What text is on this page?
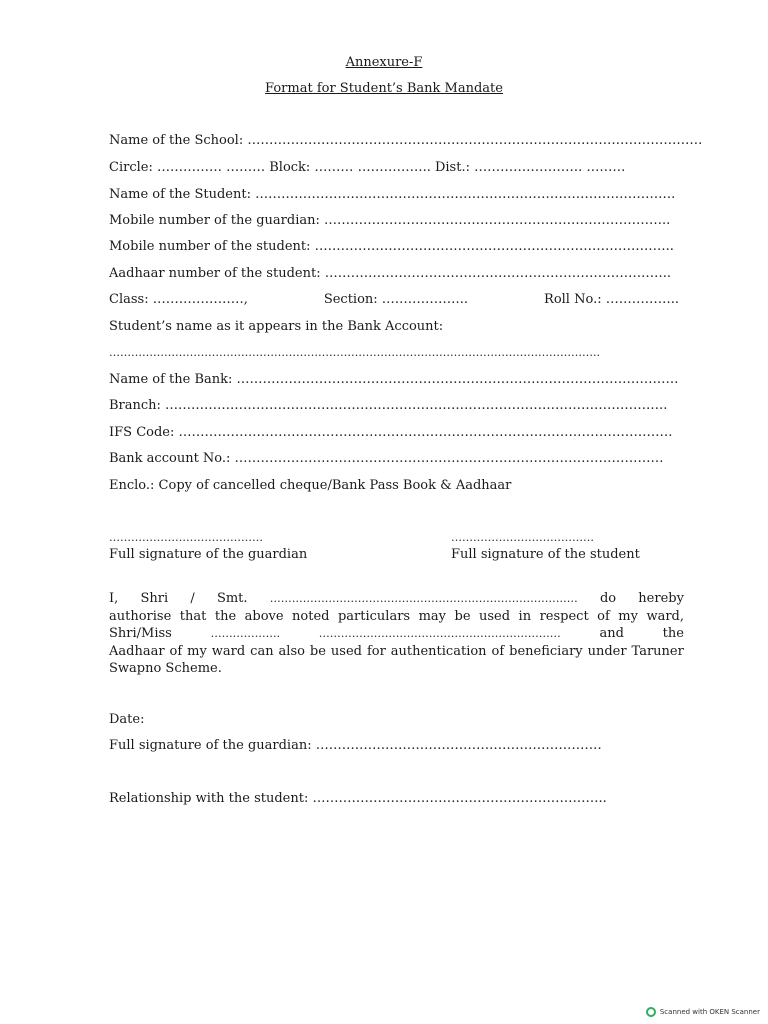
Annexure-F
Format for Student’s Bank Mandate
Name of the School: ……………………………………………………………………………………………
Circle: …………… ……… Block: ……… …………….. Dist.: ……………………. ………
Name of the Student: …………………………………………………………………………………….
Mobile number of the guardian: ……………………………………………………………………..
Mobile number of the student: ………………………………………………………………………..
Aadhaar number of the student: ……………………………………………………………………..
Class: …………………,	Section: ………………..	Roll No.: ……………..
Student’s name as it appears in the Bank Account:
……………………………………………………………………………………………………………………..
Name of the Bank: …………………………………………………………………………………………
Branch: ……………………………………………………………………………………………………..
IFS Code: ……………………………………………………………………………………………………
Bank account No.: ………………………………………………………………………………………
Enclo.: Copy of cancelled cheque/Bank Pass Book & Aadhaar
……………………………………
Full signature of the guardian
…………………………………
Full signature of the student
I, Shri / Smt. ………………………………………………………………………… do hereby
authorise that the above noted particulars may be used in respect of my ward,
Shri/Miss	……………….	…………………………………………………………	and	the
Aadhaar of my ward can also be used for authentication of beneficiary under Taruner
Swapno Scheme.
Date:
Full signature of the guardian: …………………………………………………………
Relationship with the student: …………………………………………………………..
Scanned with OKEN Scanner
